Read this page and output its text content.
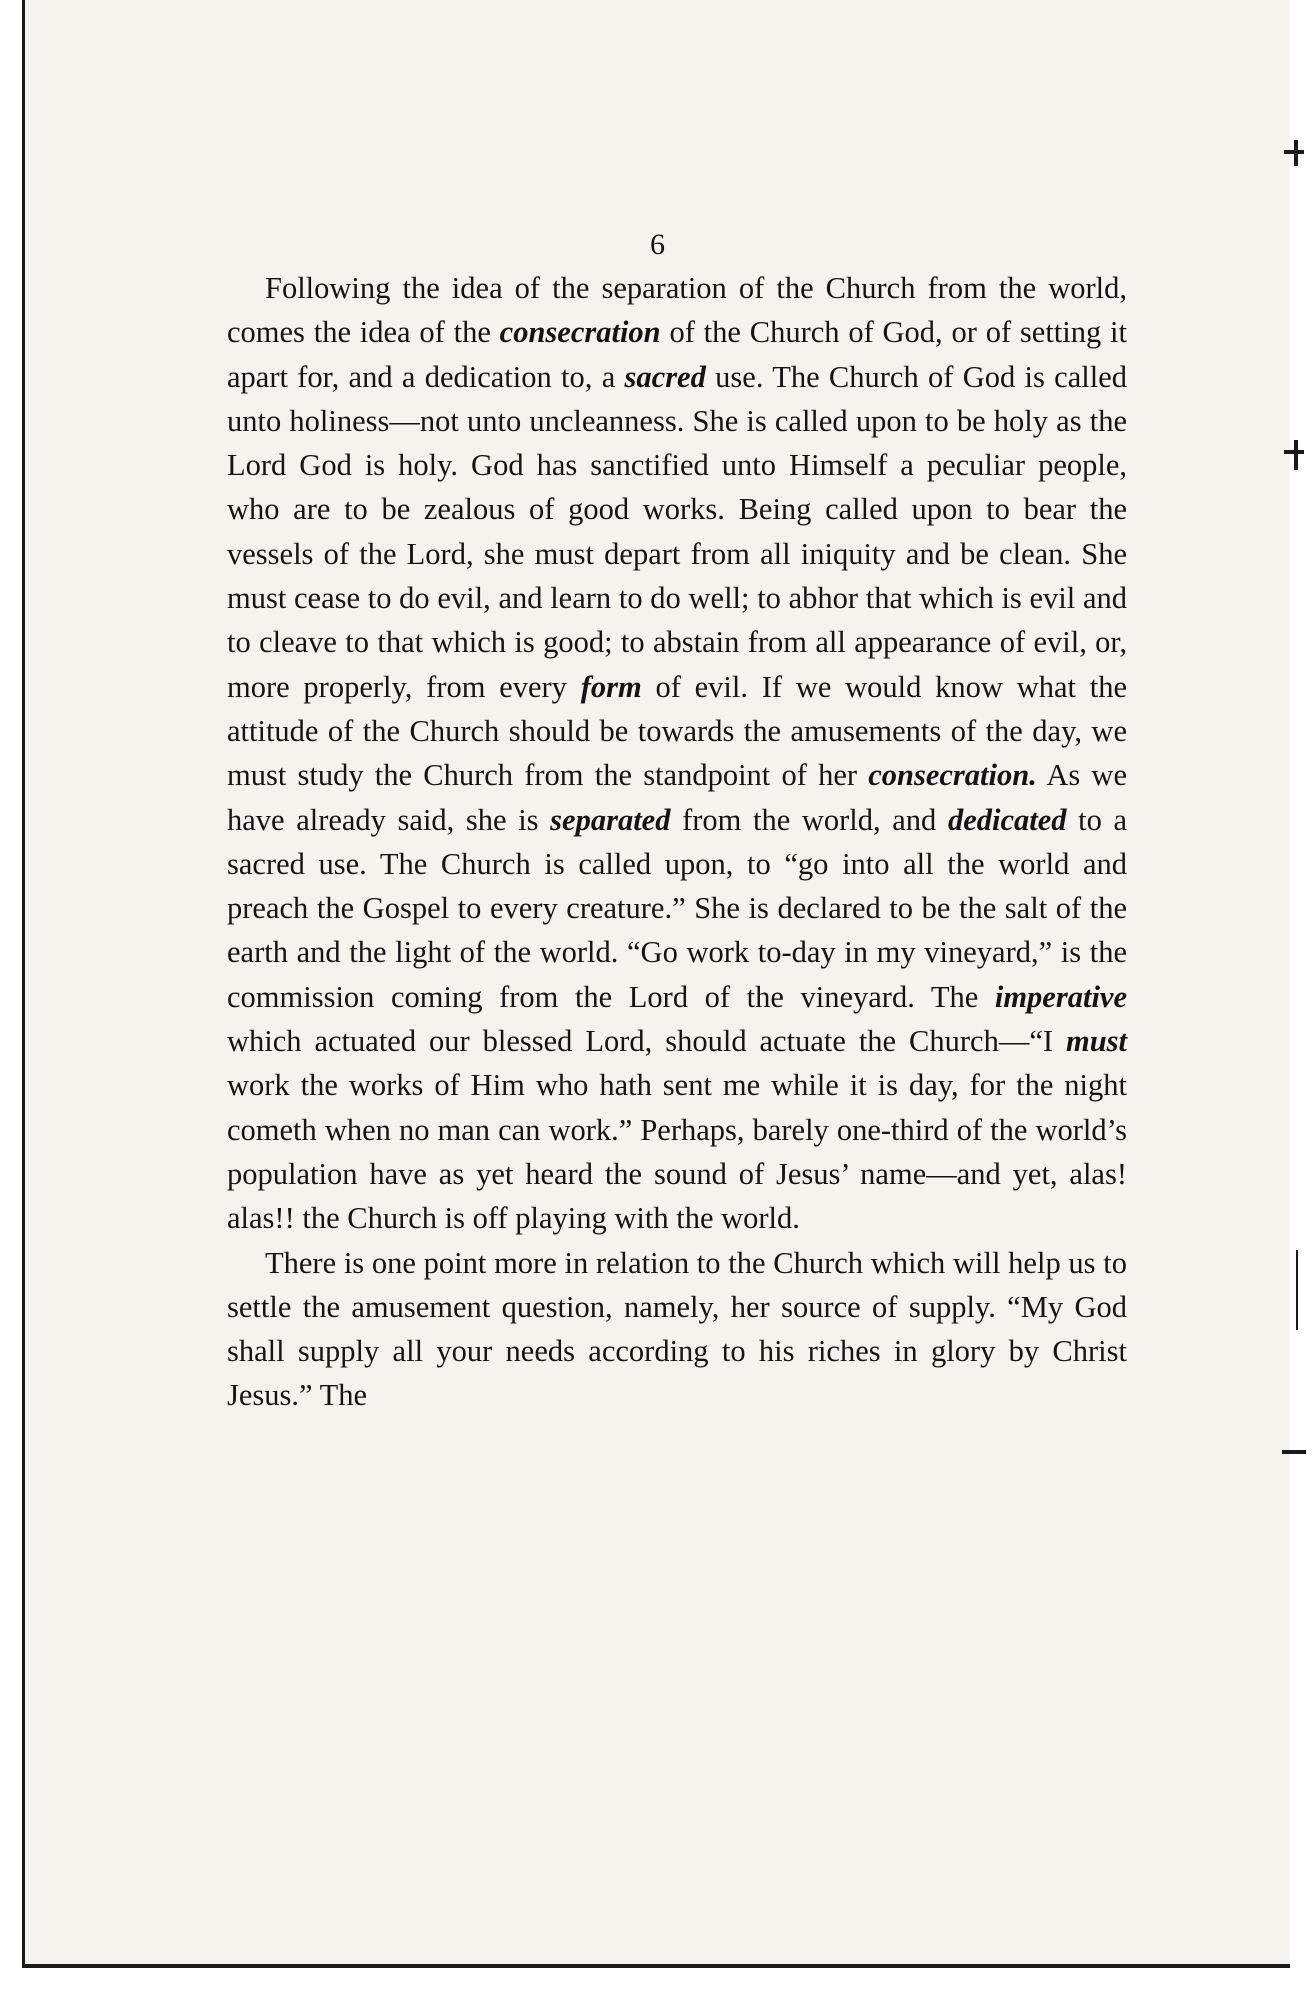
6

Following the idea of the separation of the Church from the world, comes the idea of the consecration of the Church of God, or of setting it apart for, and a dedication to, a sacred use. The Church of God is called unto holiness—not unto uncleanness. She is called upon to be holy as the Lord God is holy. God has sanctified unto Himself a peculiar people, who are to be zealous of good works. Being called upon to bear the vessels of the Lord, she must depart from all iniquity and be clean. She must cease to do evil, and learn to do well; to abhor that which is evil and to cleave to that which is good; to abstain from all appearance of evil, or, more properly, from every form of evil. If we would know what the attitude of the Church should be towards the amusements of the day, we must study the Church from the standpoint of her consecration. As we have already said, she is separated from the world, and dedicated to a sacred use. The Church is called upon, to “go into all the world and preach the Gospel to every creature.” She is declared to be the salt of the earth and the light of the world. “Go work to-day in my vineyard,” is the commission coming from the Lord of the vineyard. The imperative which actuated our blessed Lord, should actuate the Church—“I must work the works of Him who hath sent me while it is day, for the night cometh when no man can work.” Perhaps, barely one-third of the world’s population have as yet heard the sound of Jesus’ name—and yet, alas! alas!! the Church is off playing with the world.

There is one point more in relation to the Church which will help us to settle the amusement question, namely, her source of supply. “My God shall supply all your needs according to his riches in glory by Christ Jesus.” The
